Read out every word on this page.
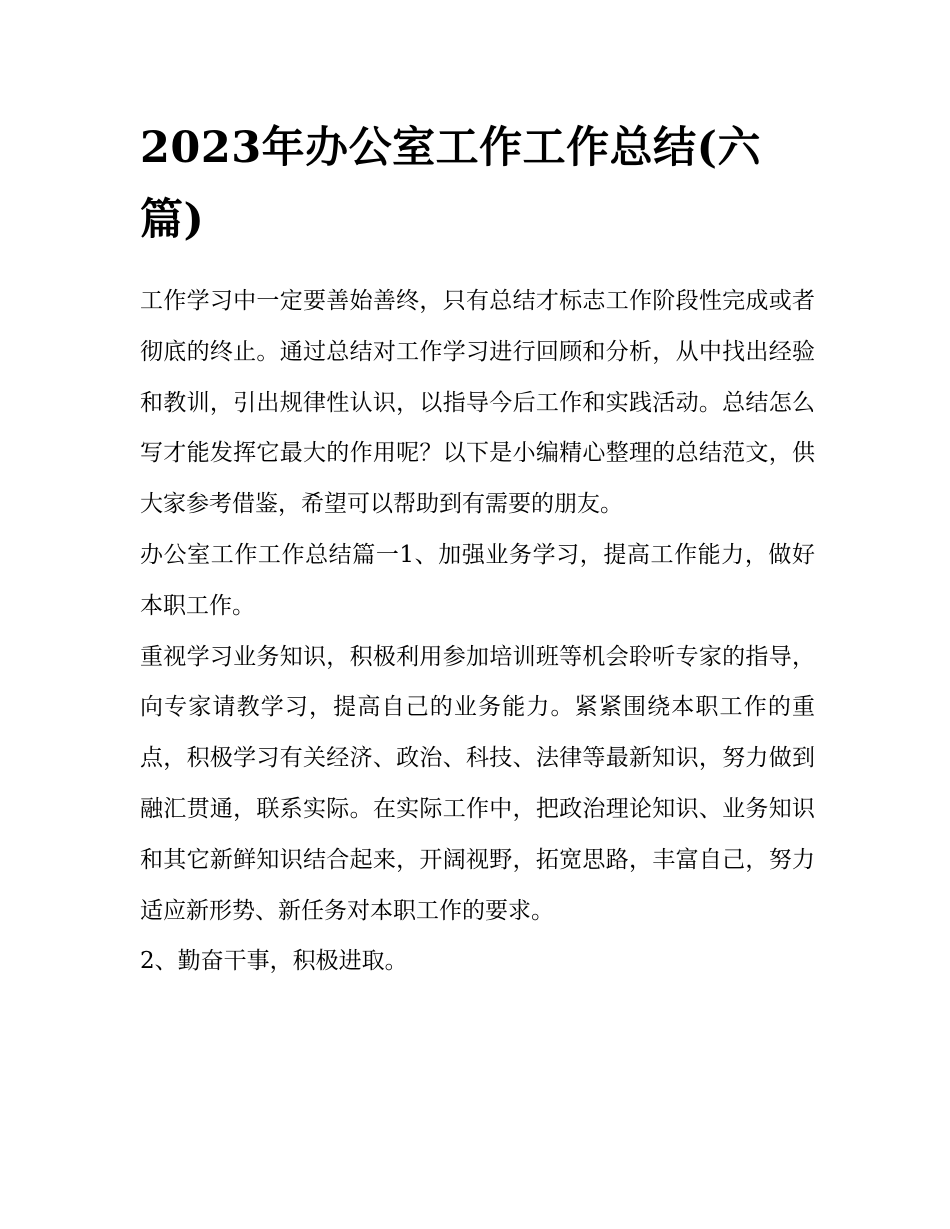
2023年办公室工作工作总结(六篇)

工作学习中一定要善始善终，只有总结才标志工作阶段性完成或者彻底的终止。通过总结对工作学习进行回顾和分析，从中找出经验和教训，引出规律性认识，以指导今后工作和实践活动。总结怎么写才能发挥它最大的作用呢？以下是小编精心整理的总结范文，供大家参考借鉴，希望可以帮助到有需要的朋友。

办公室工作工作总结篇一1、加强业务学习，提高工作能力，做好本职工作。

重视学习业务知识，积极利用参加培训班等机会聆听专家的指导，向专家请教学习，提高自己的业务能力。紧紧围绕本职工作的重点，积极学习有关经济、政治、科技、法律等最新知识，努力做到融汇贯通，联系实际。在实际工作中，把政治理论知识、业务知识和其它新鲜知识结合起来，开阔视野，拓宽思路，丰富自己，努力适应新形势、新任务对本职工作的要求。

2、勤奋干事，积极进取。
